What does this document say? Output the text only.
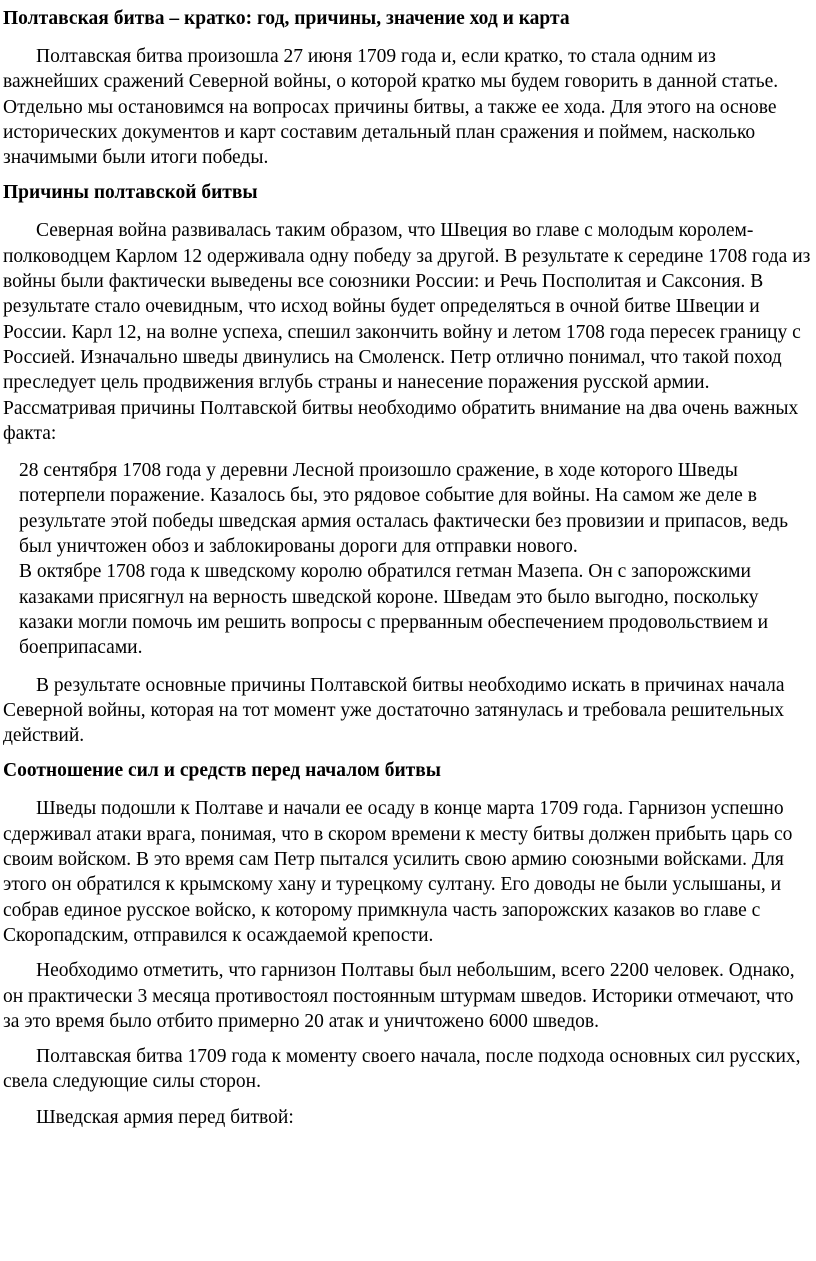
Полтавская битва – кратко: год, причины, значение ход и карта

Полтавская битва произошла 27 июня 1709 года и, если кратко, то стала одним из важнейших сражений Северной войны, о которой кратко мы будем говорить в данной статье. Отдельно мы остановимся на вопросах причины битвы, а также ее хода. Для этого на основе исторических документов и карт составим детальный план сражения и поймем, насколько значимыми были итоги победы.

Причины полтавской битвы

Северная война развивалась таким образом, что Швеция во главе с молодым королем-полководцем Карлом 12 одерживала одну победу за другой. В результате к середине 1708 года из войны были фактически выведены все союзники России: и Речь Посполитая и Саксония. В результате стало очевидным, что исход войны будет определяться в очной битве Швеции и России. Карл 12, на волне успеха, спешил закончить войну и летом 1708 года пересек границу с Россией. Изначально шведы двинулись на Смоленск. Петр отлично понимал, что такой поход преследует цель продвижения вглубь страны и нанесение поражения русской армии. Рассматривая причины Полтавской битвы необходимо обратить внимание на два очень важных факта:

28 сентября 1708 года у деревни Лесной произошло сражение, в ходе которого Шведы потерпели поражение. Казалось бы, это рядовое событие для войны. На самом же деле в результате этой победы шведская армия осталась фактически без провизии и припасов, ведь был уничтожен обоз и заблокированы дороги для отправки нового.

В октябре 1708 года к шведскому королю обратился гетман Мазепа. Он с запорожскими казаками присягнул на верность шведской короне. Шведам это было выгодно, поскольку казаки могли помочь им решить вопросы с прерванным обеспечением продовольствием и боеприпасами.

В результате основные причины Полтавской битвы необходимо искать в причинах начала Северной войны, которая на тот момент уже достаточно затянулась и требовала решительных действий.

Соотношение сил и средств перед началом битвы

Шведы подошли к Полтаве и начали ее осаду в конце марта 1709 года. Гарнизон успешно сдерживал атаки врага, понимая, что в скором времени к месту битвы должен прибыть царь со своим войском. В это время сам Петр пытался усилить свою армию союзными войсками. Для этого он обратился к крымскому хану и турецкому султану. Его доводы не были услышаны, и собрав единое русское войско, к которому примкнула часть запорожских казаков во главе с Скоропадским, отправился к осаждаемой крепости.

Необходимо отметить, что гарнизон Полтавы был небольшим, всего 2200 человек. Однако, он практически 3 месяца противостоял постоянным штурмам шведов. Историки отмечают, что за это время было отбито примерно 20 атак и уничтожено 6000 шведов.

Полтавская битва 1709 года к моменту своего начала, после подхода основных сил русских, свела следующие силы сторон.

Шведская армия перед битвой:
